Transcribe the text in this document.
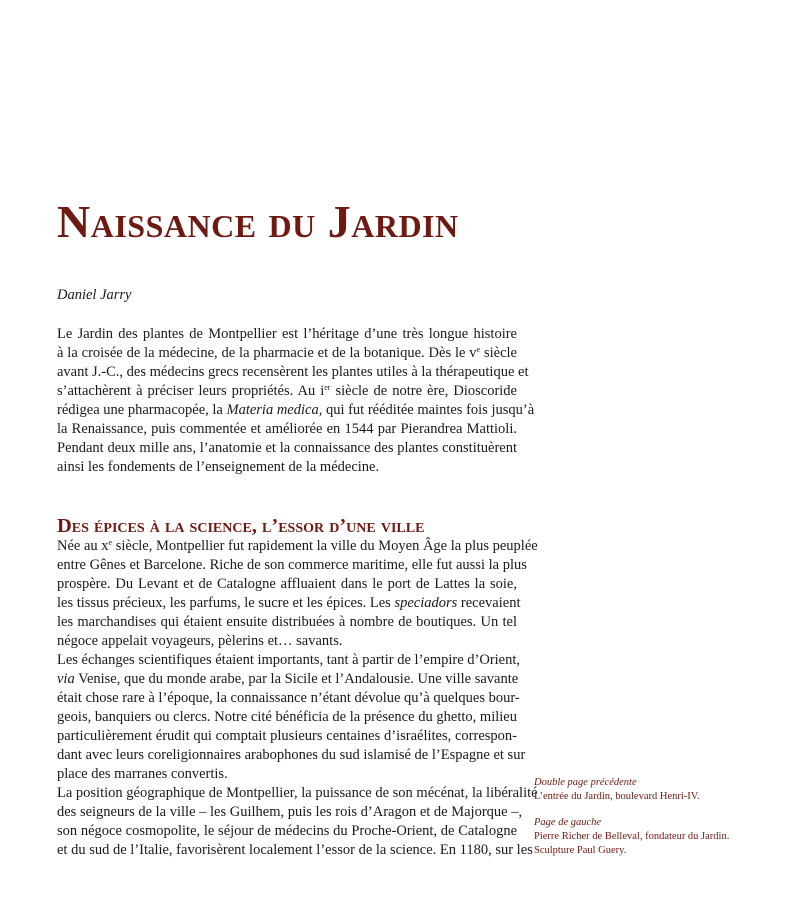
Naissance du Jardin
Daniel Jarry
Le Jardin des plantes de Montpellier est l’héritage d’une très longue histoire
à la croisée de la médecine, de la pharmacie et de la botanique. Dès le $v^e$ siècle
avant J.-C., des médecins grecs recensèrent les plantes utiles à la thérapeutique et
s’attachèrent à préciser leurs propriétés. Au $i^{er}$ siècle de notre ère, Dioscoride
rédigea une pharmacopée, la Materia medica, qui fut rééditée maintes fois jusqu’à
la Renaissance, puis commentée et améliorée en 1544 par Pierandrea Mattioli.
Pendant deux mille ans, l’anatomie et la connaissance des plantes constituèrent
ainsi les fondements de l’enseignement de la médecine.
Des épices à la science, l’essor d’une ville
Née au $x^e$ siècle, Montpellier fut rapidement la ville du Moyen Âge la plus peuplée
entre Gênes et Barcelone. Riche de son commerce maritime, elle fut aussi la plus
prospère. Du Levant et de Catalogne affluaient dans le port de Lattes la soie,
les tissus précieux, les parfums, le sucre et les épices. Les speciadors recevaient
les marchandises qui étaient ensuite distribuées à nombre de boutiques. Un tel
négoce appelait voyageurs, pèlerins et… savants.
Les échanges scientifiques étaient importants, tant à partir de l’empire d’Orient,
via Venise, que du monde arabe, par la Sicile et l’Andalousie. Une ville savante
était chose rare à l’époque, la connaissance n’étant dévolue qu’à quelques bour-
geois, banquiers ou clercs. Notre cité bénéficia de la présence du ghetto, milieu
particulièrement érudit qui comptait plusieurs centaines d’israélites, correspon-
dant avec leurs coreligionnaires arabophones du sud islamisé de l’Espagne et sur
place des marranes convertis.
La position géographique de Montpellier, la puissance de son mécénat, la libéralité
des seigneurs de la ville – les Guilhem, puis les rois d’Aragon et de Majorque –,
son négoce cosmopolite, le séjour de médecins du Proche-Orient, de Catalogne
et du sud de l’Italie, favorisèrent localement l’essor de la science. En 1180, sur les
Double page précédente
L’entrée du Jardin, boulevard Henri-IV.
Page de gauche
Pierre Richer de Belleval, fondateur du Jardin.
Sculpture Paul Guery.
